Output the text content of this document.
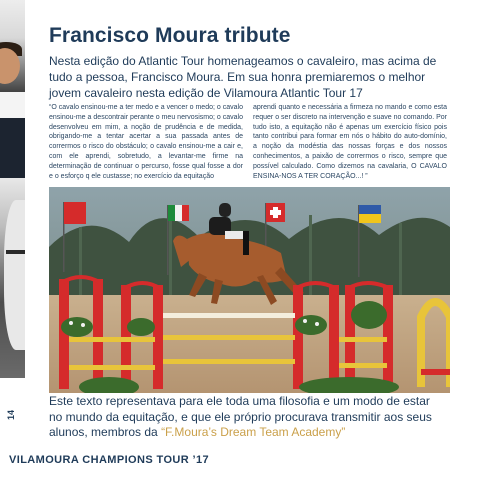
14
Francisco Moura tribute

Nesta edição do Atlantic Tour homenageamos o cavaleiro, mas acima de tudo a pessoa, Francisco Moura. Em sua honra premiaremos o melhor jovem cavaleiro nesta edição de Vilamoura Atlantic Tour 17

“O cavalo ensinou-me a ter medo e a vencer o medo; o cavalo ensinou-me a descontrair perante o meu nervosismo; o cavalo desenvolveu em mim, a noção de prudência e de medida, obrigando-me a tentar acertar a sua passada antes de corrermos o risco do obstáculo; o cavalo ensinou-me a cair e, com ele aprendi, sobretudo, a levantar-me firme na determinação de continuar o percurso, fosse qual fosse a dor e o esforço q ele custasse; no exercício da equitação

aprendi quanto e necessária a firmeza no mando e como esta requer o ser discreto na intervenção e suave no comando. Por tudo isto, a equitação não é apenas um exercício físico pois tanto contribui para formar em nós o hábito do auto-domínio, a noção da modéstia das nossas forças e dos nossos conhecimentos, a paixão de corrermos o risco, sempre que possível calculado. Como dizemos na cavalaria, O CAVALO ENSINA-NOS A TER CORAÇÃO...! ”

Este texto representava para ele toda uma filosofia e um modo de estar no mundo da equitação, e que ele próprio procurava transmitir aos seus alunos, membros da “F.Moura’s Dream Team Academy”

VILAMOURA CHAMPIONS TOUR ’17
